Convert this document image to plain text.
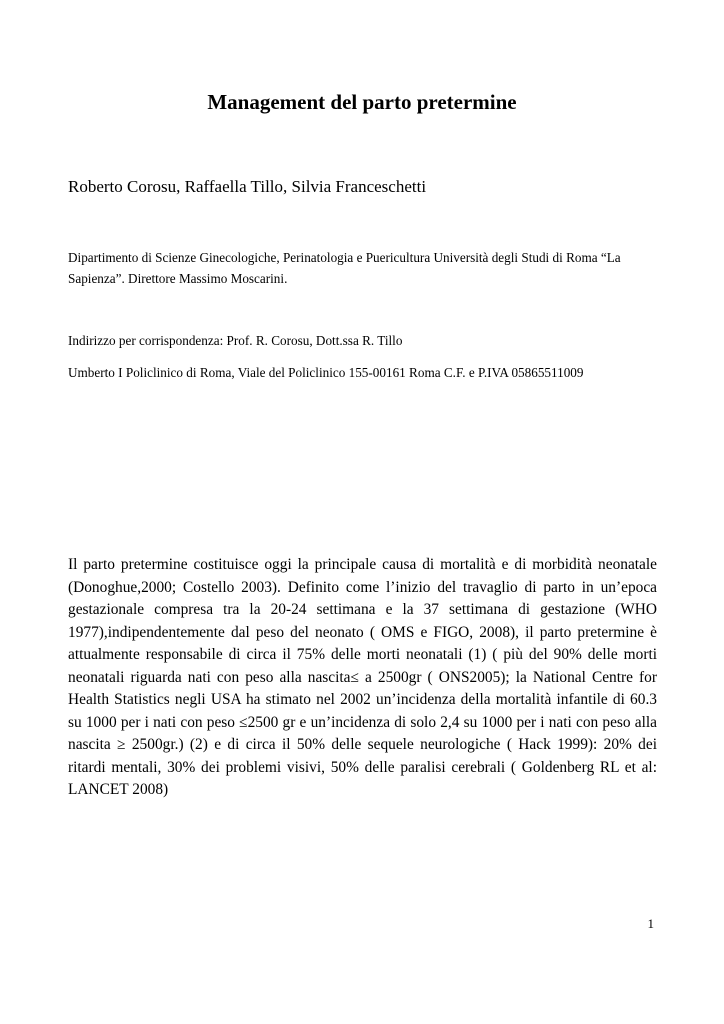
Management del parto pretermine
Roberto Corosu, Raffaella Tillo, Silvia Franceschetti
Dipartimento di Scienze Ginecologiche, Perinatologia e Puericultura Università degli Studi di Roma “La Sapienza”. Direttore Massimo Moscarini.
Indirizzo per corrispondenza: Prof. R. Corosu, Dott.ssa R. Tillo
Umberto I Policlinico di Roma, Viale del Policlinico 155-00161 Roma C.F. e P.IVA 05865511009
Il parto pretermine costituisce oggi la principale causa di mortalità e di morbidità neonatale (Donoghue,2000; Costello 2003). Definito come l’inizio del travaglio di parto in un’epoca gestazionale compresa tra la 20-24 settimana e la 37 settimana di gestazione (WHO 1977),indipendentemente dal peso del neonato ( OMS e FIGO, 2008), il parto pretermine è attualmente responsabile di circa il 75% delle morti neonatali (1) ( più del 90% delle morti neonatali riguarda nati con peso alla nascita≤ a 2500gr ( ONS2005); la National Centre for Health Statistics negli USA ha stimato nel 2002 un’incidenza della mortalità infantile di 60.3 su 1000 per i nati con peso ≤2500 gr e un’incidenza di solo 2,4 su 1000 per i nati con peso alla nascita ≥ 2500gr.) (2) e di circa il 50% delle sequele neurologiche ( Hack 1999): 20% dei ritardi mentali, 30% dei problemi visivi, 50% delle paralisi cerebrali ( Goldenberg RL et al: LANCET 2008)
1
